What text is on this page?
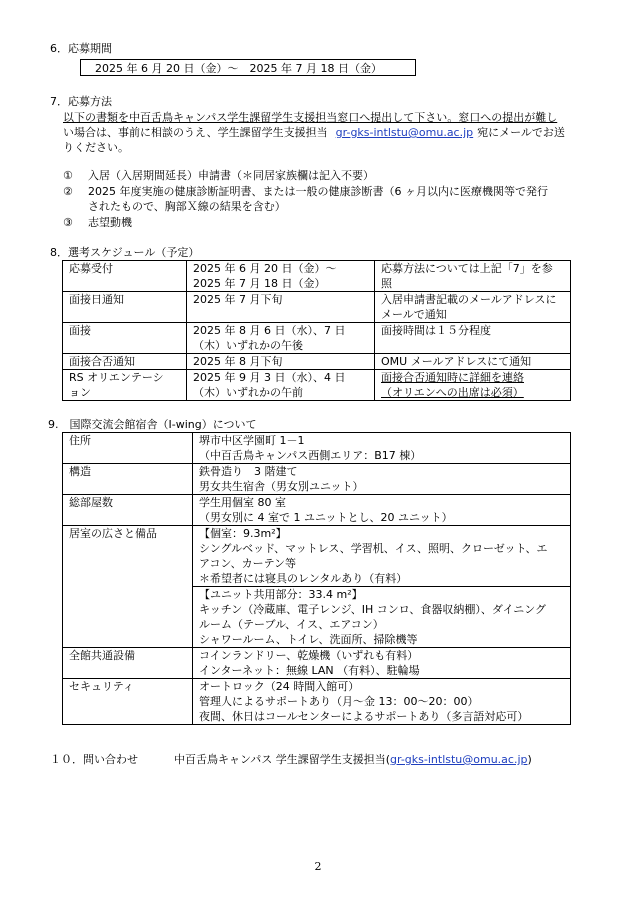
6．応募期間
2025 年 6 月 20 日（金）～　2025 年 7 月 18 日（金）
7．応募方法

以下の書類を中百舌鳥キャンパス学生課留学生支援担当窓口へ提出して下さい。窓口への提出が難し

い場合は、事前に相談のうえ、学生課留学生支援担当 gr-gks-intlstu@omu.ac.jp 宛にメールでお送

りください。

① 入居（入居期間延長）申請書（＊同居家族欄は記入不要）
② 2025 年度実施の健康診断証明書、または一般の健康診断書（6 ヶ月以内に医療機関等で発行
されたもので、胸部Ｘ線の結果を含む）
③ 志望動機
8．選考スケジュール（予定）
応募受付	2025 年 6 月 20 日（金）～
2025 年 7 月 18 日（金）	応募方法については上記「7」を参
照

面接日通知	2025 年 7 月下旬	入居申請書記載のメールアドレスに
メールで通知

面接	2025 年 8 月 6 日（水）、7 日
（木）いずれかの午後	面接時間は１５分程度

面接合否通知	2025 年 8 月下旬	OMU メールアドレスにて通知

RS オリエンテーシ
ョン	2025 年 9 月 3 日（水）、4 日
（木）いずれかの午前	面接合否通知時に詳細を連絡
（オリエンへの出席は必須）
9.　国際交流会館宿舎（I-wing）について
住所	堺市中区学園町 1－1
（中百舌鳥キャンパス西側エリア：B17 棟）

構造	鉄骨造り　3 階建て
男女共生宿舎（男女別ユニット）

総部屋数	学生用個室 80 室
（男女別に 4 室で 1 ユニットとし、20 ユニット）

居室の広さと備品	【個室：9.3m²】
シングルベッド、マットレス、学習机、イス、照明、クローゼット、エ
アコン、カーテン等
＊希望者には寝具のレンタルあり（有料）

	【ユニット共用部分：33.4 m²】
キッチン（冷蔵庫、電子レンジ、IH コンロ、食器収納棚）、ダイニング
ルーム（テーブル、イス、エアコン）
シャワールーム、トイレ、洗面所、掃除機等

全館共通設備	コインランドリー、乾燥機（いずれも有料）
インターネット：無線 LAN （有料）、駐輪場

セキュリティ	オートロック（24 時間入館可）
管理人によるサポートあり（月～金 13：00～20：00）
夜間、休日はコールセンターによるサポートあり（多言語対応可）
１０．問い合わせ	中百舌鳥キャンパス 学生課留学生支援担当(gr-gks-intlstu@omu.ac.jp)
2
